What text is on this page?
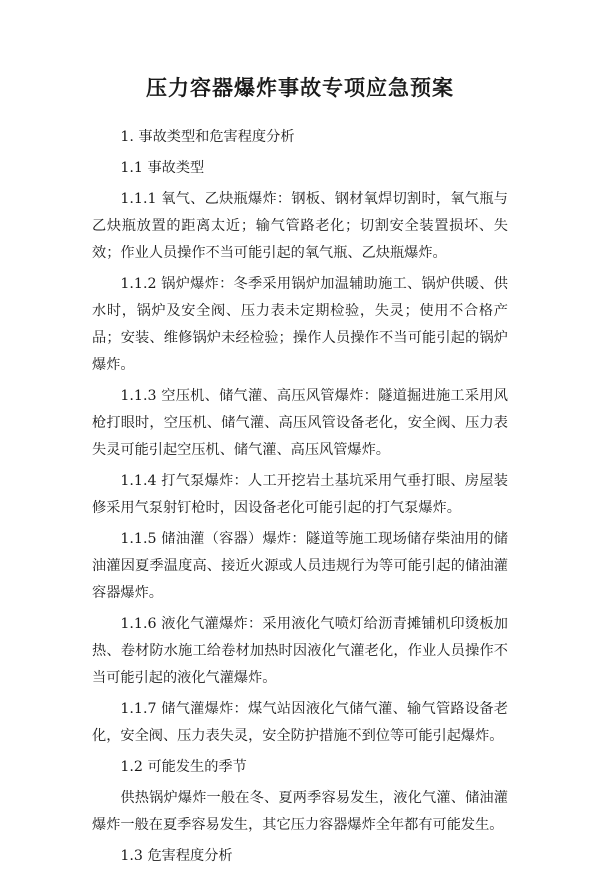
压力容器爆炸事故专项应急预案
1. 事故类型和危害程度分析
1.1 事故类型

1.1.1 氧气、乙炔瓶爆炸：钢板、钢材氧焊切割时，氧气瓶与乙炔瓶放置的距离太近；输气管路老化；切割安全装置损坏、失效；作业人员操作不当可能引起的氧气瓶、乙炔瓶爆炸。

1.1.2 锅炉爆炸：冬季采用锅炉加温辅助施工、锅炉供暖、供水时，锅炉及安全阀、压力表未定期检验，失灵；使用不合格产品；安装、维修锅炉未经检验；操作人员操作不当可能引起的锅炉爆炸。

1.1.3 空压机、储气灌、高压风管爆炸：隧道掘进施工采用风枪打眼时，空压机、储气灌、高压风管设备老化，安全阀、压力表失灵可能引起空压机、储气灌、高压风管爆炸。

1.1.4 打气泵爆炸：人工开挖岩土基坑采用气垂打眼、房屋装修采用气泵射钉枪时，因设备老化可能引起的打气泵爆炸。

1.1.5 储油灌（容器）爆炸：隧道等施工现场储存柴油用的储油灌因夏季温度高、接近火源或人员违规行为等可能引起的储油灌容器爆炸。

1.1.6 液化气灌爆炸：采用液化气喷灯给沥青摊铺机印烫板加热、卷材防水施工给卷材加热时因液化气灌老化，作业人员操作不当可能引起的液化气灌爆炸。

1.1.7 储气灌爆炸：煤气站因液化气储气灌、输气管路设备老化，安全阀、压力表失灵，安全防护措施不到位等可能引起爆炸。

1.2 可能发生的季节

供热锅炉爆炸一般在冬、夏两季容易发生，液化气灌、储油灌爆炸一般在夏季容易发生，其它压力容器爆炸全年都有可能发生。

1.3 危害程度分析
